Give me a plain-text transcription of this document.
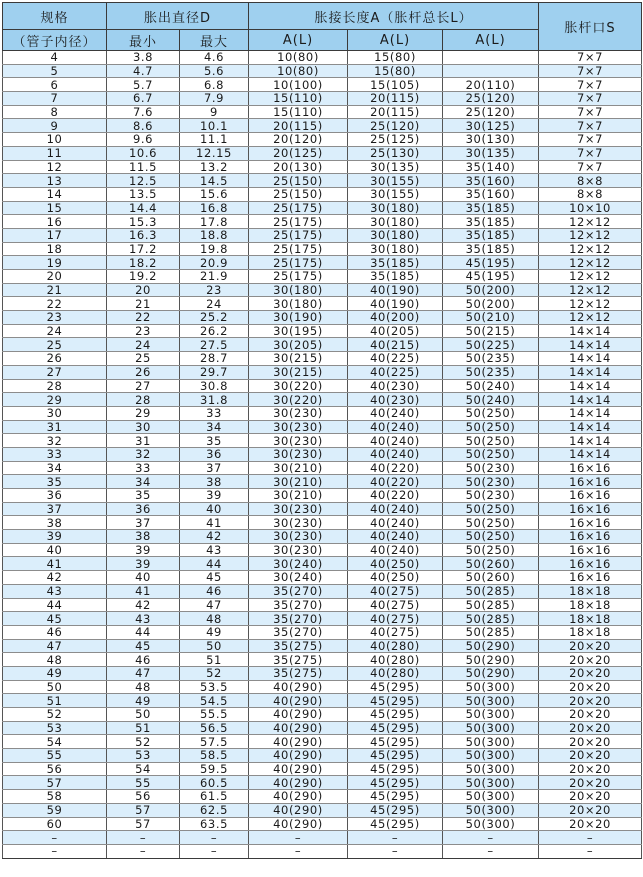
规格	胀出直径D		胀接长度A（胀杆总长L）			胀杆口S
（管子内径）	最小	最大	A(L)	A(L)	A(L)	
4	3.8	4.6	10(80)	15(80)		7×7
5	4.7	5.6	10(80)	15(80)		7×7
6	5.7	6.8	10(100)	15(105)	20(110)	7×7
7	6.7	7.9	15(110)	20(115)	25(120)	7×7
8	7.6	9	15(110)	20(115)	25(120)	7×7
9	8.6	10.1	20(115)	25(120)	30(125)	7×7
10	9.6	11.1	20(120)	25(125)	30(130)	7×7
11	10.6	12.15	20(125)	25(130)	30(135)	7×7
12	11.5	13.2	20(130)	30(135)	35(140)	7×7
13	12.5	14.5	25(150)	30(155)	35(160)	8×8
14	13.5	15.6	25(150)	30(155)	35(160)	8×8
15	14.4	16.8	25(175)	30(180)	35(185)	10×10
16	15.3	17.8	25(175)	30(180)	35(185)	12×12
17	16.3	18.8	25(175)	30(180)	35(185)	12×12
18	17.2	19.8	25(175)	30(180)	35(185)	12×12
19	18.2	20.9	25(175)	35(185)	45(195)	12×12
20	19.2	21.9	25(175)	35(185)	45(195)	12×12
21	20	23	30(180)	40(190)	50(200)	12×12
22	21	24	30(180)	40(190)	50(200)	12×12
23	22	25.2	30(190)	40(200)	50(210)	12×12
24	23	26.2	30(195)	40(205)	50(215)	14×14
25	24	27.5	30(205)	40(215)	50(225)	14×14
26	25	28.7	30(215)	40(225)	50(235)	14×14
27	26	29.7	30(215)	40(225)	50(235)	14×14
28	27	30.8	30(220)	40(230)	50(240)	14×14
29	28	31.8	30(220)	40(230)	50(240)	14×14
30	29	33	30(230)	40(240)	50(250)	14×14
31	30	34	30(230)	40(240)	50(250)	14×14
32	31	35	30(230)	40(240)	50(250)	14×14
33	32	36	30(230)	40(240)	50(250)	14×14
34	33	37	30(210)	40(220)	50(230)	16×16
35	34	38	30(210)	40(220)	50(230)	16×16
36	35	39	30(210)	40(220)	50(230)	16×16
37	36	40	30(230)	40(240)	50(250)	16×16
38	37	41	30(230)	40(240)	50(250)	16×16
39	38	42	30(230)	40(240)	50(250)	16×16
40	39	43	30(230)	40(240)	50(250)	16×16
41	39	44	30(240)	40(250)	50(260)	16×16
42	40	45	30(240)	40(250)	50(260)	16×16
43	41	46	35(270)	40(275)	50(285)	18×18
44	42	47	35(270)	40(275)	50(285)	18×18
45	43	48	35(270)	40(275)	50(285)	18×18
46	44	49	35(270)	40(275)	50(285)	18×18
47	45	50	35(275)	40(280)	50(290)	20×20
48	46	51	35(275)	40(280)	50(290)	20×20
49	47	52	35(275)	40(280)	50(290)	20×20
50	48	53.5	40(290)	45(295)	50(300)	20×20
51	49	54.5	40(290)	45(295)	50(300)	20×20
52	50	55.5	40(290)	45(295)	50(300)	20×20
53	51	56.5	40(290)	45(295)	50(300)	20×20
54	52	57.5	40(290)	45(295)	50(300)	20×20
55	53	58.5	40(290)	45(295)	50(300)	20×20
56	54	59.5	40(290)	45(295)	50(300)	20×20
57	55	60.5	40(290)	45(295)	50(300)	20×20
58	56	61.5	40(290)	45(295)	50(300)	20×20
59	57	62.5	40(290)	45(295)	50(300)	20×20
60	57	63.5	40(290)	45(295)	50(300)	20×20
–	–	–	–	–	–	–
–	–	–	–	–	–	–
